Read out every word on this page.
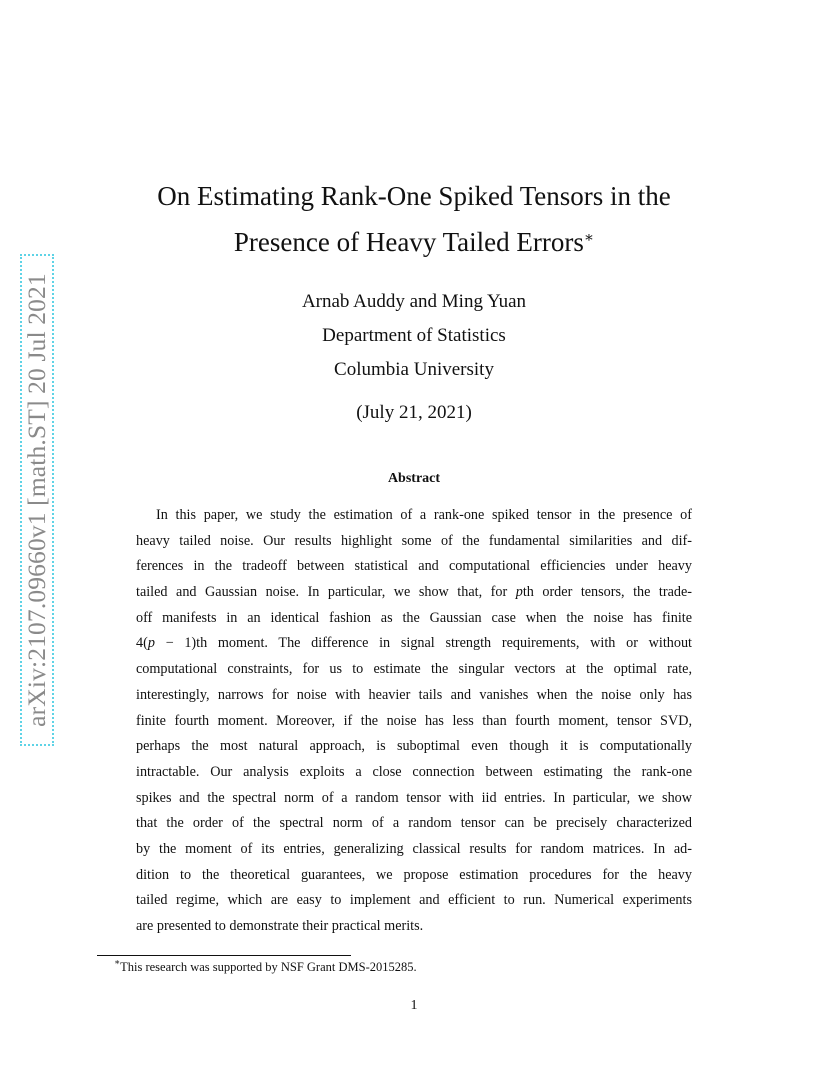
arXiv:2107.09660v1 [math.ST] 20 Jul 2021
On Estimating Rank-One Spiked Tensors in the
Presence of Heavy Tailed Errors∗
Arnab Auddy and Ming Yuan
Department of Statistics
Columbia University
(July 21, 2021)
Abstract
In this paper, we study the estimation of a rank-one spiked tensor in the presence of
heavy tailed noise. Our results highlight some of the fundamental similarities and dif-
ferences in the tradeoff between statistical and computational efficiencies under heavy
tailed and Gaussian noise. In particular, we show that, for pth order tensors, the trade-
off manifests in an identical fashion as the Gaussian case when the noise has finite
4(p − 1)th moment. The difference in signal strength requirements, with or without
computational constraints, for us to estimate the singular vectors at the optimal rate,
interestingly, narrows for noise with heavier tails and vanishes when the noise only has
finite fourth moment. Moreover, if the noise has less than fourth moment, tensor SVD,
perhaps the most natural approach, is suboptimal even though it is computationally
intractable. Our analysis exploits a close connection between estimating the rank-one
spikes and the spectral norm of a random tensor with iid entries. In particular, we show
that the order of the spectral norm of a random tensor can be precisely characterized
by the moment of its entries, generalizing classical results for random matrices. In ad-
dition to the theoretical guarantees, we propose estimation procedures for the heavy
tailed regime, which are easy to implement and efficient to run. Numerical experiments
are presented to demonstrate their practical merits.
∗This research was supported by NSF Grant DMS-2015285.
1
